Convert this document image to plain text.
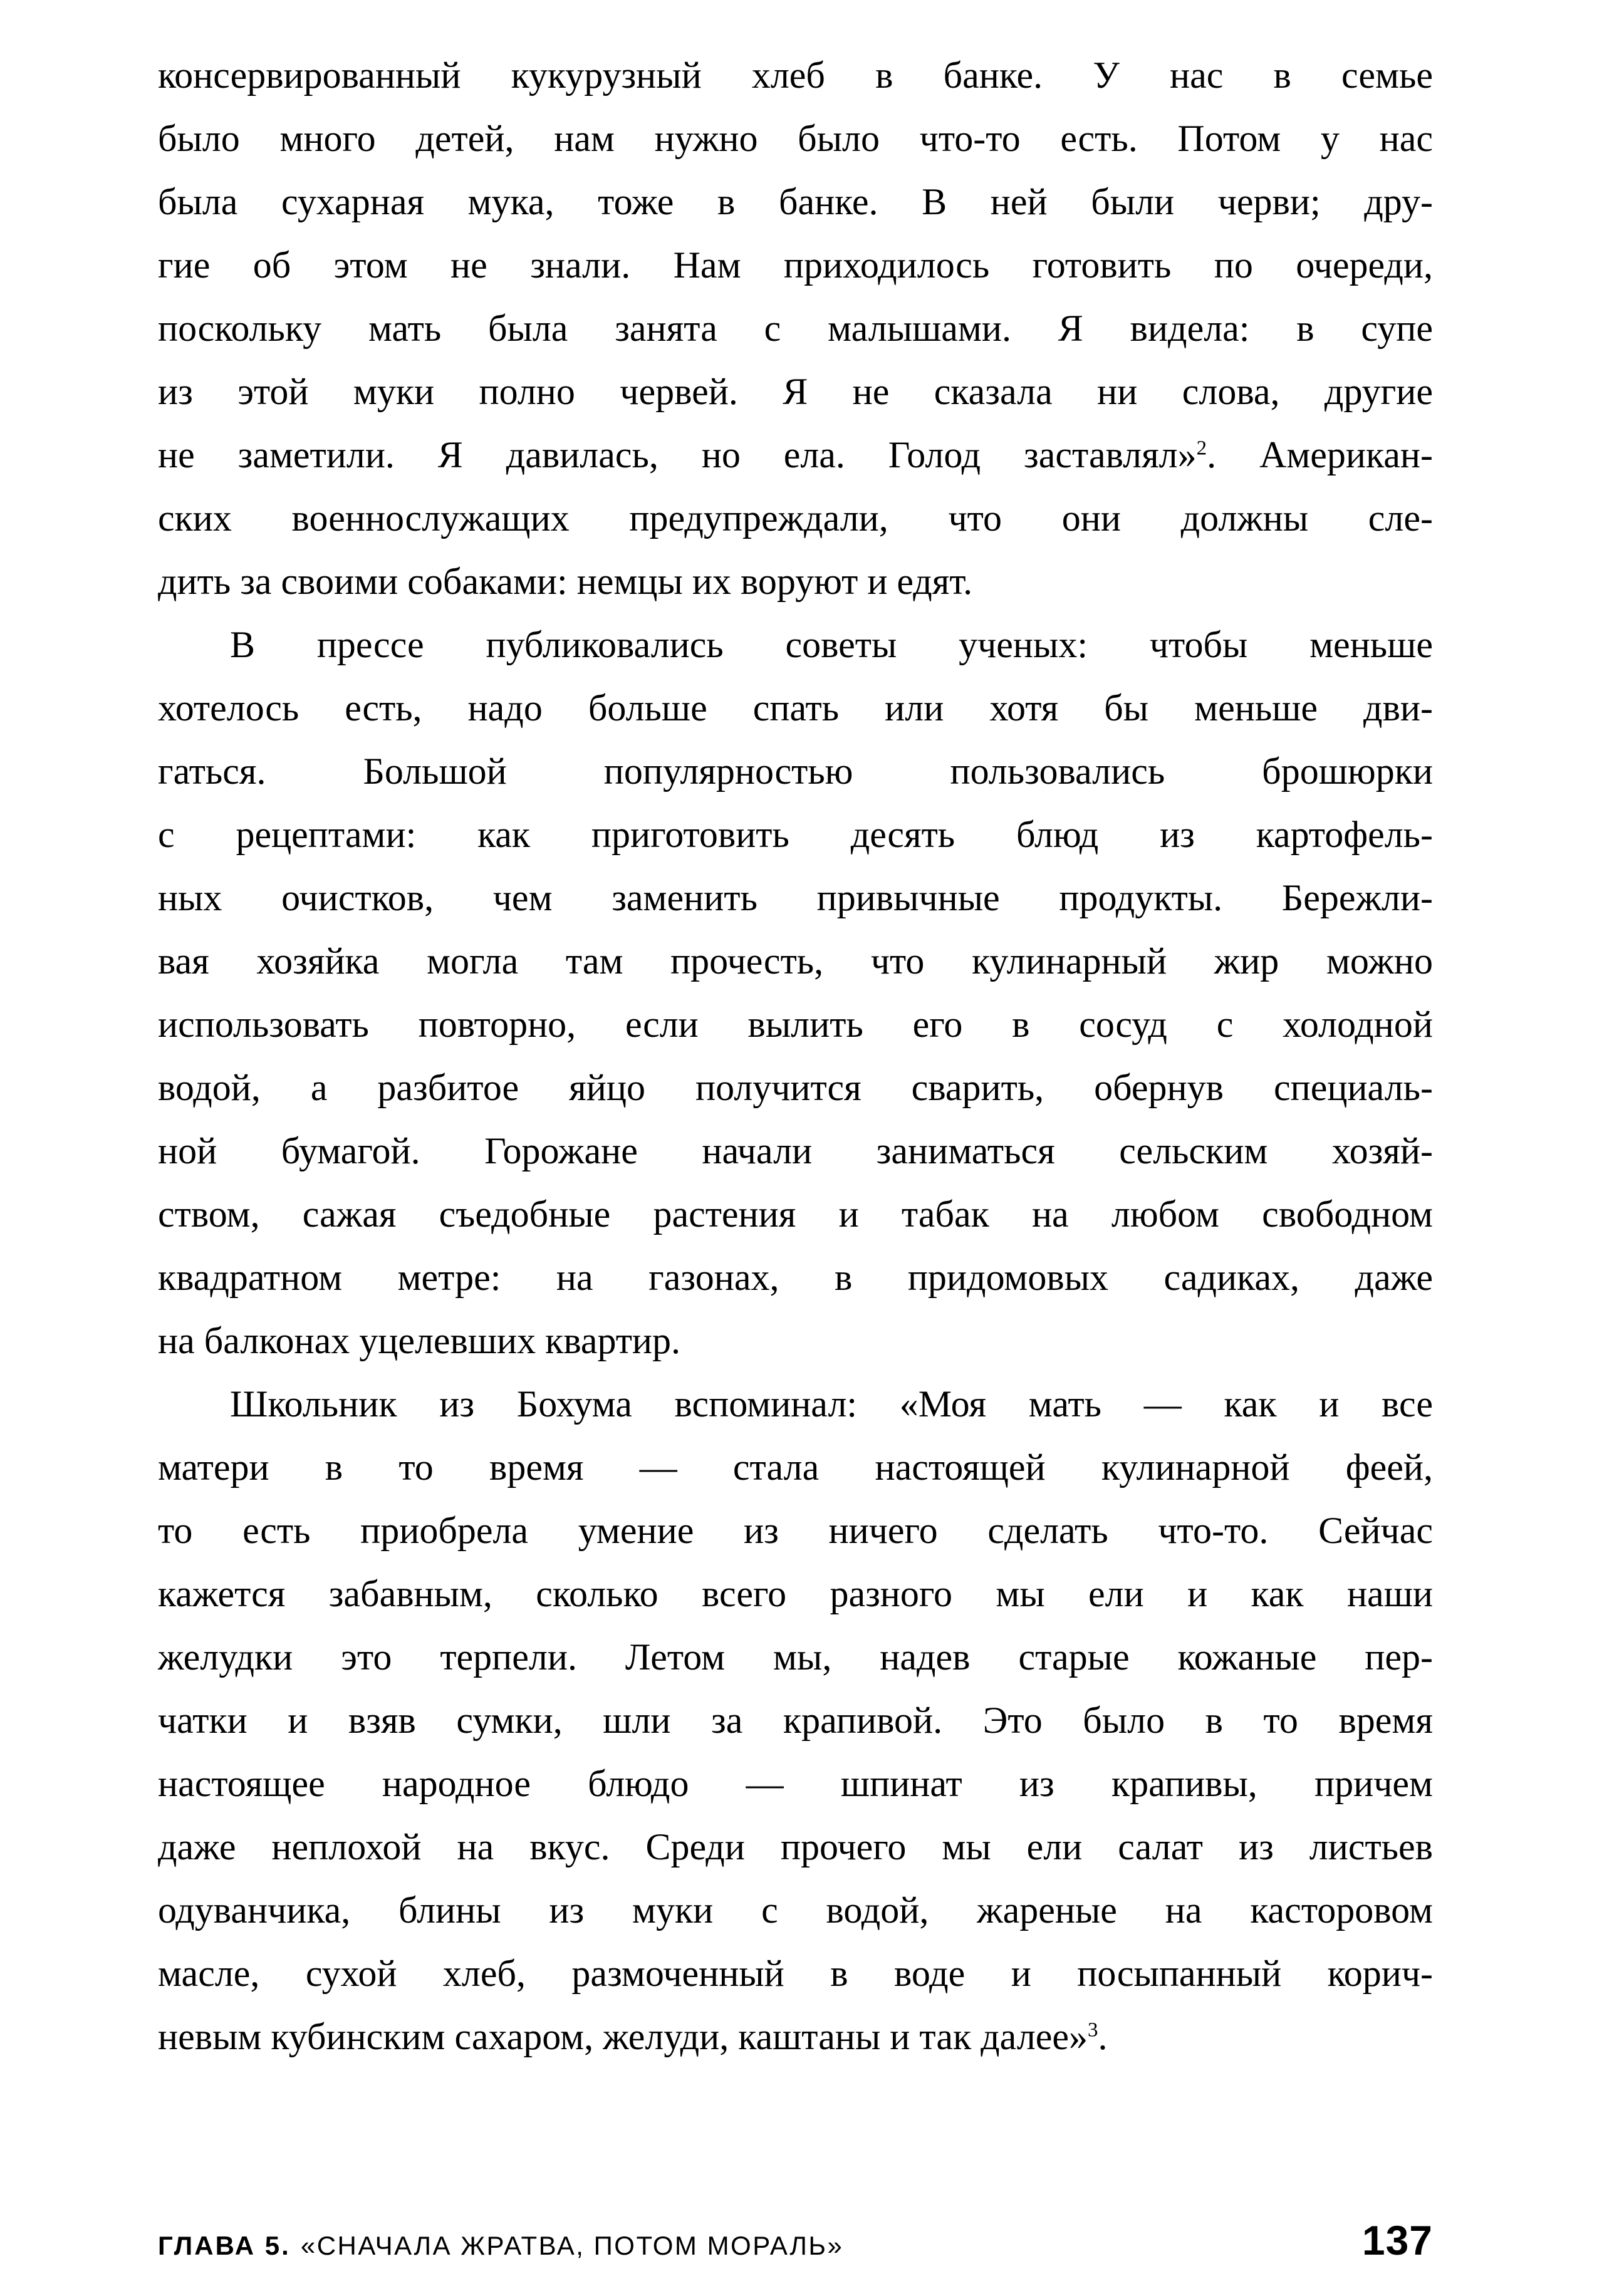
консервированный кукурузный хлеб в банке. У нас в семье
было много детей, нам нужно было что-то есть. Потом у нас
была сухарная мука, тоже в банке. В ней были черви; дру-
гие об этом не знали. Нам приходилось готовить по очереди,
поскольку мать была занята с малышами. Я видела: в супе
из этой муки полно червей. Я не сказала ни слова, другие
не заметили. Я давилась, но ела. Голод заставлял»$^2$. Американ-
ских военнослужащих предупреждали, что они должны сле-
дить за своими собаками: немцы их воруют и едят.
В прессе публиковались советы ученых: чтобы меньше
хотелось есть, надо больше спать или хотя бы меньше дви-
гаться. Большой популярностью пользовались брошюрки
с рецептами: как приготовить десять блюд из картофель-
ных очистков, чем заменить привычные продукты. Бережли-
вая хозяйка могла там прочесть, что кулинарный жир можно
использовать повторно, если вылить его в сосуд с холодной
водой, а разбитое яйцо получится сварить, обернув специаль-
ной бумагой. Горожане начали заниматься сельским хозяй-
ством, сажая съедобные растения и табак на любом свободном
квадратном метре: на газонах, в придомовых садиках, даже
на балконах уцелевших квартир.
Школьник из Бохума вспоминал: «Моя мать — как и все
матери в то время — стала настоящей кулинарной феей,
то есть приобрела умение из ничего сделать что-то. Сейчас
кажется забавным, сколько всего разного мы ели и как наши
желудки это терпели. Летом мы, надев старые кожаные пер-
чатки и взяв сумки, шли за крапивой. Это было в то время
настоящее народное блюдо — шпинат из крапивы, причем
даже неплохой на вкус. Среди прочего мы ели салат из листьев
одуванчика, блины из муки с водой, жареные на касторовом
масле, сухой хлеб, размоченный в воде и посыпанный корич-
невым кубинским сахаром, желуди, каштаны и так далее»$^3$.
ГЛАВА 5. «СНАЧАЛА ЖРАТВА, ПОТОМ МОРАЛЬ»	137
